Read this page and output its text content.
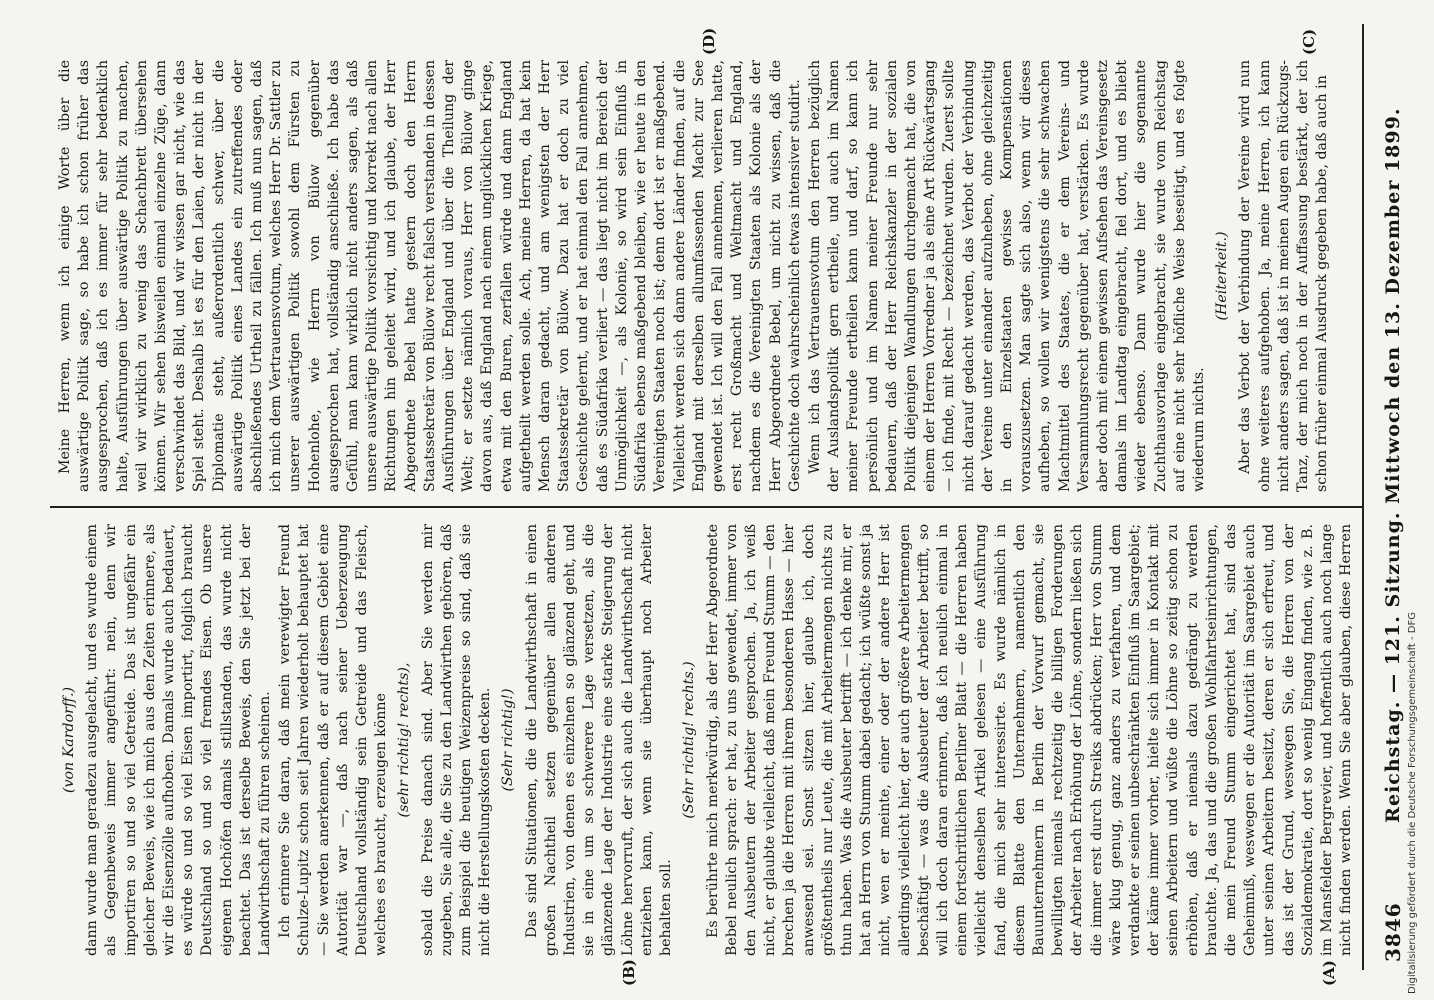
3846
Reichstag. — 121. Sitzung. Mittwoch den 13. Dezember 1899.
(A)
(B)
(C)
(D)

(von Kardorff.) dann wurde man geradezu ausgelacht, und es wurde einem als Gegenbeweis immer angeführt: nein, denn wir importiren so und so viel Getreide. Das ist ungefähr ein gleicher Beweis, wie ich mich aus den Zeiten erinnere, als wir die Eisenzölle aufhoben. Damals wurde auch bedauert, es würde so und so viel Eisen importirt, folglich braucht Deutschland so und so viel fremdes Eisen. Ob unsere eigenen Hochöfen damals stillstanden, das wurde nicht beachtet. Das ist derselbe Beweis, den Sie jetzt bei der Landwirthschaft zu führen scheinen. Ich erinnere Sie daran, daß mein verewigter Freund Schulze-Lupitz schon seit Jahren wiederholt behauptet hat — Sie werden anerkennen, daß er auf diesem Gebiet eine Autorität war —, daß nach seiner Ueberzeugung Deutschland vollständig sein Getreide und das Fleisch, welches es braucht, erzeugen könne (sehr richtig! rechts), sobald die Preise danach sind. Aber Sie werden mir zugeben, Sie alle, die Sie zu den Landwirthen gehören, daß zum Beispiel die heutigen Weizenpreise so sind, daß sie nicht die Herstellungskosten decken. (Sehr richtig!) Das sind Situationen, die die Landwirthschaft in einen großen Nachtheil setzen gegenüber allen anderen Industrien, von denen es einzelnen so glänzend geht, und sie in eine um so schwerere Lage versetzen, als die glänzende Lage der Industrie eine starke Steigerung der Löhne hervorruft, der sich auch die Landwirthschaft nicht entziehen kann, wenn sie überhaupt noch Arbeiter behalten soll.

(Sehr richtig! rechts.)

Es berührte mich merkwürdig, als der Herr Abgeordnete Bebel neulich sprach: er hat, zu uns gewendet, immer von den Ausbeutern der Arbeiter gesprochen. Ja, ich weiß nicht, er glaubte vielleicht, daß mein Freund Stumm — den brechen ja die Herren mit ihrem besonderen Hasse — hier anwesend sei. Sonst sitzen hier, glaube ich, doch größtentheils nur Leute, die mit Arbeitermengen nichts zu thun haben. Was die Ausbeuter betrifft — ich denke mir, er hat an Herrn von Stumm dabei gedacht; ich wüßte sonst ja nicht, wen er meinte, einer oder der andere Herr ist allerdings vielleicht hier, der auch größere Arbeitermengen beschäftigt — was die Ausbeuter der Arbeiter betrifft, so will ich doch daran erinnern, daß ich neulich einmal in einem fortschrittlichen Berliner Blatt — die Herren haben vielleicht denselben Artikel gelesen — eine Ausführung fand, die mich sehr interessirte. Es wurde nämlich in diesem Blatte den Unternehmern, namentlich den Bauunternehmern in Berlin der Vorwurf gemacht, sie bewilligten niemals rechtzeitig die billigen Forderungen der Arbeiter nach Erhöhung der Löhne, sondern ließen sich die immer erst durch Streiks abdrücken; Herr von Stumm wäre klug genug, ganz anders zu verfahren, und dem verdankte er seinen unbeschränkten Einfluß im Saargebiet; der käme immer vorher, hielte sich immer in Kontakt mit seinen Arbeitern und wüßte die Löhne so zeitig schon zu erhöhen, daß er niemals dazu gedrängt zu werden brauchte. Ja, das und die großen Wohlfahrtseinrichtungen, die mein Freund Stumm eingerichtet hat, sind das Geheimniß, weswegen er die Autorität im Saargebiet auch unter seinen Arbeitern besitzt, deren er sich erfreut, und das ist der Grund, weswegen Sie, die Herren von der Sozialdemokratie, dort so wenig Eingang finden, wie z. B. im Mansfelder Bergrevier, und hoffentlich auch noch lange nicht finden werden. Wenn Sie aber glauben, diese Herren

Meine Herren, wenn ich einige Worte über die auswärtige Politik sage, so habe ich schon früher das ausgesprochen, daß ich es immer für sehr bedenklich halte, Ausführungen über auswärtige Politik zu machen, weil wir wirklich zu wenig das Schachbrett übersehen können. Wir sehen bisweilen einmal einzelne Züge, dann verschwindet das Bild, und wir wissen gar nicht, wie das Spiel steht. Deshalb ist es für den Laien, der nicht in der Diplomatie steht, außerordentlich schwer, über die auswärtige Politik eines Landes ein zutreffendes oder abschließendes Urtheil zu fällen. Ich muß nun sagen, daß ich mich dem Vertrauensvotum, welches Herr Dr. Sattler zu unserer auswärtigen Politik sowohl dem Fürsten zu Hohenlohe, wie Herrn von Bülow gegenüber ausgesprochen hat, vollständig anschließe. Ich habe das Gefühl, man kann wirklich nicht anders sagen, als daß unsere auswärtige Politik vorsichtig und korrekt nach allen Richtungen hin geleitet wird, und ich glaube, der Herr Abgeordnete Bebel hatte gestern doch den Herrn Staatssekretär von Bülow recht falsch verstanden in dessen Ausführungen über England und über die Theilung der Welt; er setzte nämlich voraus, Herr von Bülow ginge davon aus, daß England nach einem unglücklichen Kriege, etwa mit den Buren, zerfallen würde und dann England aufgetheilt werden solle. Ach, meine Herren, da hat kein Mensch daran gedacht, und am wenigsten der Herr Staatssekretär von Bülow. Dazu hat er doch zu viel Geschichte gelernt, und er hat einmal den Fall annehmen, daß es Südafrika verliert — das liegt nicht im Bereich der Unmöglichkeit —, als Kolonie, so wird sein Einfluß in Südafrika ebenso maßgebend bleiben, wie er heute in den Vereinigten Staaten noch ist; denn dort ist er maßgebend. Vielleicht werden sich dann andere Länder finden, auf die England mit derselben allumfassenden Macht zur See gewendet ist. Ich will den Fall annehmen, verlieren hatte, erst recht Großmacht und Weltmacht und England, nachdem es die Vereinigten Staaten als Kolonie als der Herr Abgeordnete Bebel, um nicht zu wissen, daß die Geschichte doch wahrscheinlich etwas intensiver studirt. Wenn ich das Vertrauensvotum den Herren bezüglich der Auslandspolitik gern ertheile, und auch im Namen meiner Freunde ertheilen kann und darf, so kann ich persönlich und im Namen meiner Freunde nur sehr bedauern, daß der Herr Reichskanzler in der sozialen Politik diejenigen Wandlungen durchgemacht hat, die von einem der Herren Vorredner ja als eine Art Rückwärtsgang — ich finde, mit Recht — bezeichnet wurden. Zuerst sollte nicht darauf gedacht werden, das Verbot der Verbindung der Vereine unter einander aufzuheben, ohne gleichzeitig in den Einzelstaaten gewisse Kompensationen vorauszusetzen. Man sagte sich also, wenn wir dieses aufheben, so wollen wir wenigstens die sehr schwachen Machtmittel des Staates, die er dem Vereins- und Versammlungsrecht gegenüber hat, verstärken. Es wurde aber doch mit einem gewissen Aufsehen das Vereinsgesetz damals im Landtag eingebracht, fiel dort, und es bliebt wieder ebenso. Dann wurde hier die sogenannte Zuchthausvorlage eingebracht, sie wurde vom Reichstag auf eine nicht sehr höfliche Weise beseitigt, und es folgte wiederum nichts.

(Heiterkeit.) Aber das Verbot der Verbindung der Vereine wird nun ohne weiteres aufgehoben. Ja, meine Herren, ich kann nicht anders sagen, daß ist in meinen Augen ein Rückzugs-Tanz, der mich noch in der Auffassung bestärkt, der ich schon früher einmal Ausdruck gegeben habe, daß auch in

Digitalisierung gefördert durch die Deutsche Forschungsgemeinschaft - DFG
